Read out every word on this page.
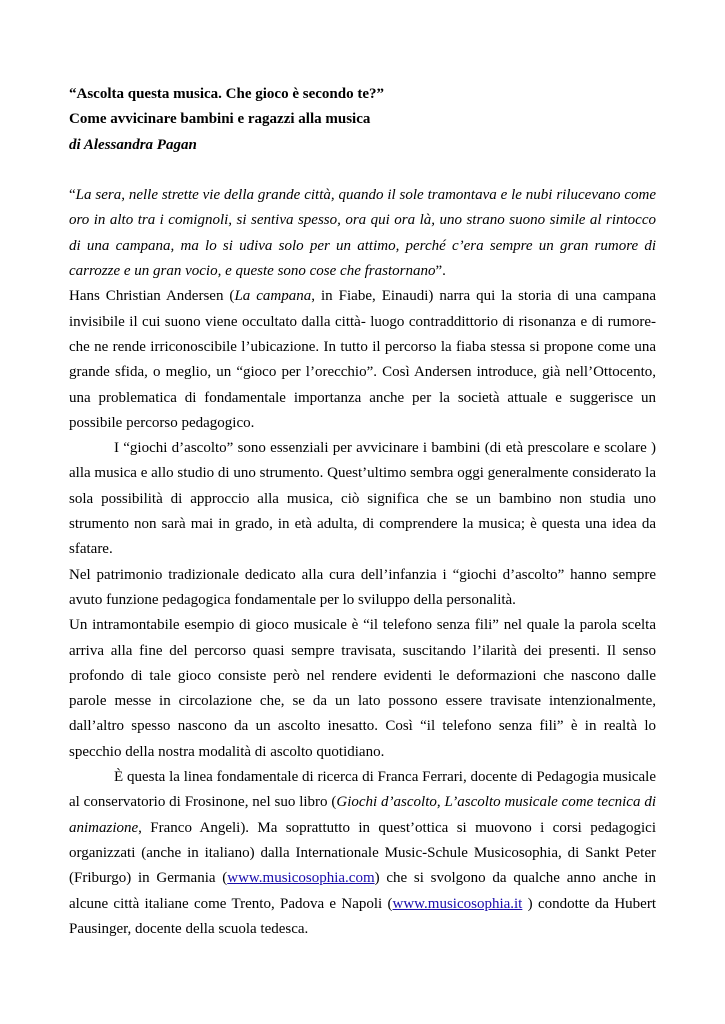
“Ascolta questa musica. Che gioco è secondo te?”
Come avvicinare bambini e ragazzi alla musica
di Alessandra Pagan

“La sera, nelle strette vie della grande città, quando il sole tramontava e le nubi rilucevano come oro in alto tra i comignoli, si sentiva spesso, ora qui ora là, uno strano suono simile al rintocco di una campana, ma lo si udiva solo per un attimo, perché c’era sempre un gran rumore di carrozze e un gran vocio, e queste sono cose che frastornano”.

Hans Christian Andersen (La campana, in Fiabe, Einaudi) narra qui la storia di una campana invisibile il cui suono viene occultato dalla città- luogo contraddittorio di risonanza e di rumore- che ne rende irriconoscibile l’ubicazione. In tutto il percorso la fiaba stessa si propone come una grande sfida, o meglio, un “gioco per l’orecchio”. Così Andersen introduce, già nell’Ottocento, una problematica di fondamentale importanza anche per la società attuale e suggerisce un possibile percorso pedagogico.

I “giochi d’ascolto” sono essenziali per avvicinare i bambini (di età prescolare e scolare ) alla musica e allo studio di uno strumento. Quest’ultimo sembra oggi generalmente considerato la sola possibilità di approccio alla musica, ciò significa che se un bambino non studia uno strumento non sarà mai in grado, in età adulta, di comprendere la musica; è questa una idea da sfatare.

Nel patrimonio tradizionale dedicato alla cura dell’infanzia i “giochi d’ascolto” hanno sempre avuto funzione pedagogica fondamentale per lo sviluppo della personalità.

Un intramontabile esempio di gioco musicale è “il telefono senza fili” nel quale la parola scelta arriva alla fine del percorso quasi sempre travisata, suscitando l’ilarità dei presenti. Il senso profondo di tale gioco consiste però nel rendere evidenti le deformazioni che nascono dalle parole messe in circolazione che, se da un lato possono essere travisate intenzionalmente, dall’altro spesso nascono da un ascolto inesatto. Così “il telefono senza fili” è in realtà lo specchio della nostra modalità di ascolto quotidiano.

È questa la linea fondamentale di ricerca di Franca Ferrari, docente di Pedagogia musicale al conservatorio di Frosinone, nel suo libro (Giochi d’ascolto, L’ascolto musicale come tecnica di animazione, Franco Angeli). Ma soprattutto in quest’ottica si muovono i corsi pedagogici organizzati (anche in italiano) dalla Internationale Music-Schule Musicosophia, di Sankt Peter (Friburgo) in Germania (www.musicosophia.com) che si svolgono da qualche anno anche in alcune città italiane come Trento, Padova e Napoli (www.musicosophia.it ) condotte da Hubert Pausinger, docente della scuola tedesca.
